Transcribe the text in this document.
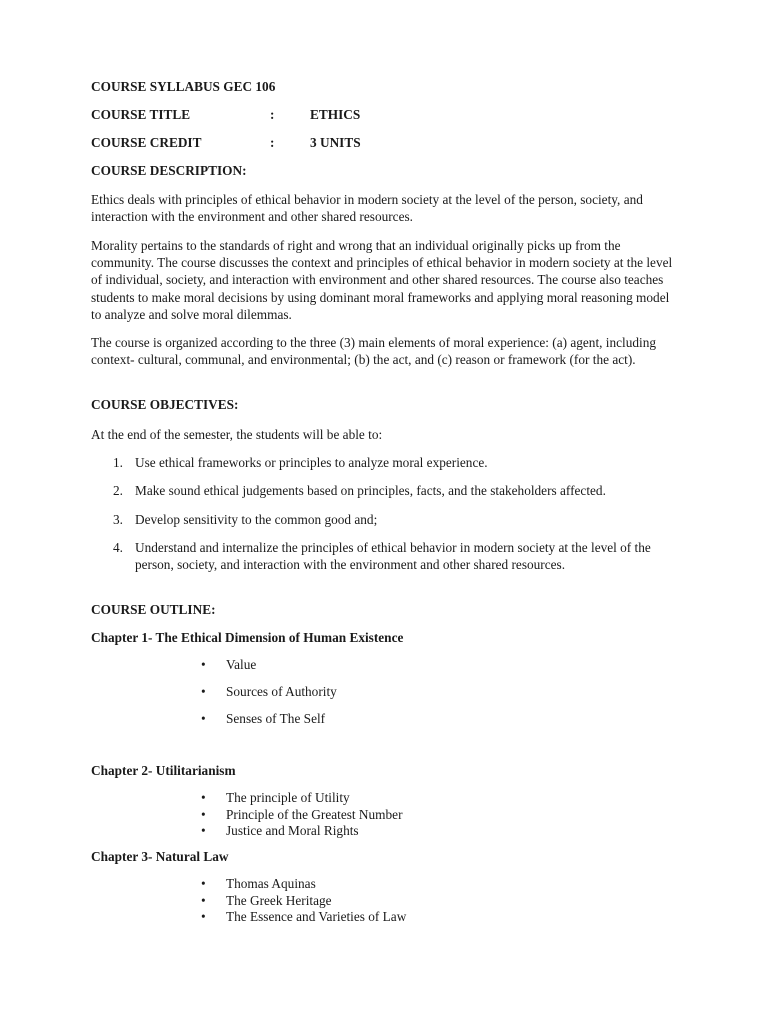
COURSE SYLLABUS GEC 106
COURSE TITLE	:	ETHICS
COURSE CREDIT	:	3 UNITS
COURSE DESCRIPTION:

Ethics deals with principles of ethical behavior in modern society at the level of the person, society, and interaction with the environment and other shared resources.

Morality pertains to the standards of right and wrong that an individual originally picks up from the community. The course discusses the context and principles of ethical behavior in modern society at the level of individual, society, and interaction with environment and other shared resources. The course also teaches students to make moral decisions by using dominant moral frameworks and applying moral reasoning model to analyze and solve moral dilemmas.

The course is organized according to the three (3) main elements of moral experience: (a) agent, including context- cultural, communal, and environmental; (b) the act, and (c) reason or framework (for the act).

COURSE OBJECTIVES:

At the end of the semester, the students will be able to:

1. Use ethical frameworks or principles to analyze moral experience.
2. Make sound ethical judgements based on principles, facts, and the stakeholders affected.
3. Develop sensitivity to the common good and;
4. Understand and internalize the principles of ethical behavior in modern society at the level of the person, society, and interaction with the environment and other shared resources.
COURSE OUTLINE:
Chapter 1- The Ethical Dimension of Human Existence
• Value
• Sources of Authority
• Senses of The Self
Chapter 2- Utilitarianism
• The principle of Utility
• Principle of the Greatest Number
• Justice and Moral Rights
Chapter 3- Natural Law
• Thomas Aquinas
• The Greek Heritage
• The Essence and Varieties of Law
